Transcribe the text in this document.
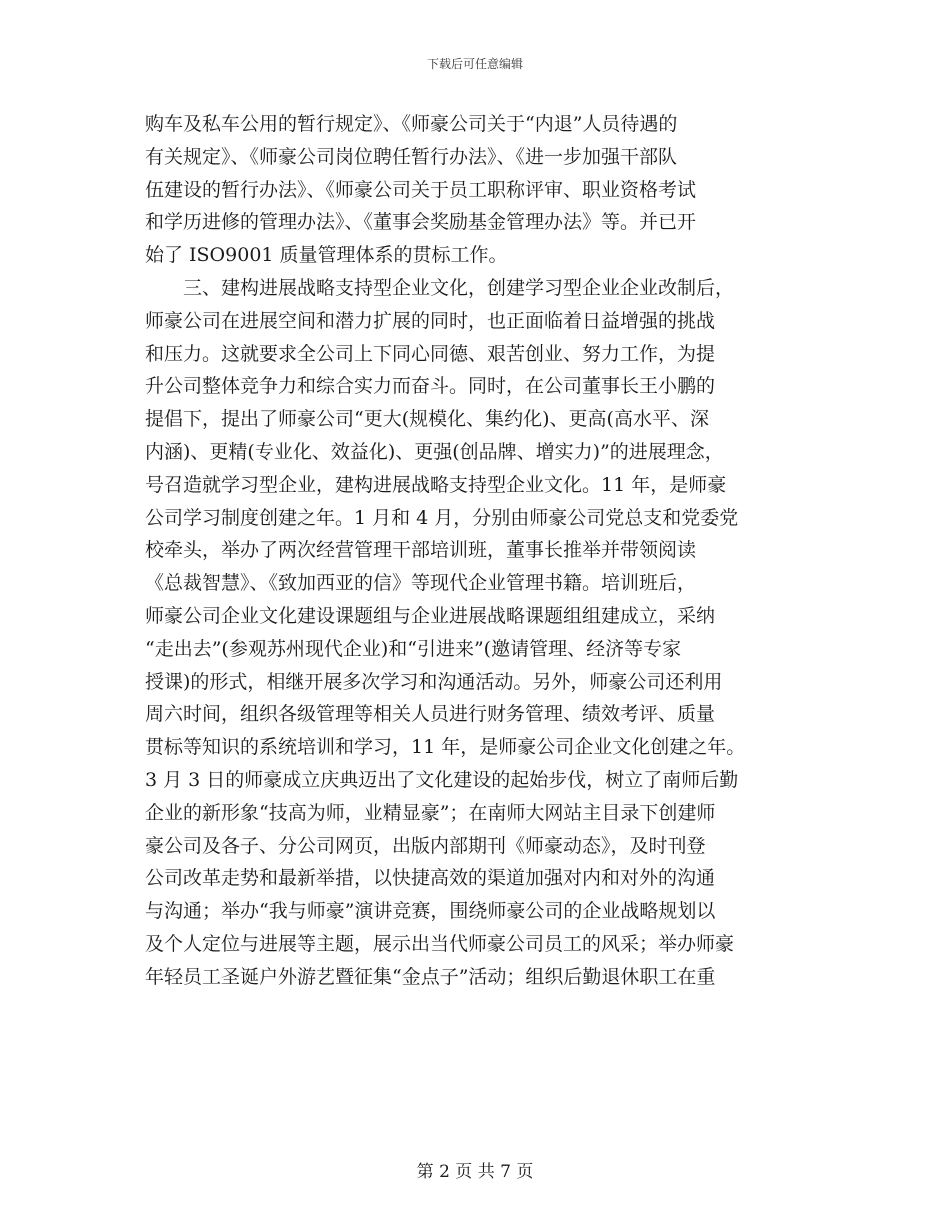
下载后可任意编辑
购车及私车公用的暂行规定》、《师豪公司关于“内退”人员待遇的
有关规定》、《师豪公司岗位聘任暂行办法》、《进一步加强干部队
伍建设的暂行办法》、《师豪公司关于员工职称评审、职业资格考试
和学历进修的管理办法》、《董事会奖励基金管理办法》等。并已开
始了 ISO9001 质量管理体系的贯标工作。
三、建构进展战略支持型企业文化，创建学习型企业企业改制后，
师豪公司在进展空间和潜力扩展的同时，也正面临着日益增强的挑战
和压力。这就要求全公司上下同心同德、艰苦创业、努力工作，为提
升公司整体竞争力和综合实力而奋斗。同时，在公司董事长王小鹏的
提倡下，提出了师豪公司“更大(规模化、集约化)、更高(高水平、深
内涵)、更精(专业化、效益化)、更强(创品牌、增实力)”的进展理念，
号召造就学习型企业，建构进展战略支持型企业文化。11 年，是师豪
公司学习制度创建之年。1 月和 4 月，分别由师豪公司党总支和党委党
校牵头，举办了两次经营管理干部培训班，董事长推举并带领阅读
《总裁智慧》、《致加西亚的信》等现代企业管理书籍。培训班后，
师豪公司企业文化建设课题组与企业进展战略课题组组建成立，采纳
“走出去”(参观苏州现代企业)和“引进来”(邀请管理、经济等专家
授课)的形式，相继开展多次学习和沟通活动。另外，师豪公司还利用
周六时间，组织各级管理等相关人员进行财务管理、绩效考评、质量
贯标等知识的系统培训和学习，11 年，是师豪公司企业文化创建之年。
3 月 3 日的师豪成立庆典迈出了文化建设的起始步伐，树立了南师后勤
企业的新形象“技高为师，业精显豪”；在南师大网站主目录下创建师
豪公司及各子、分公司网页，出版内部期刊《师豪动态》，及时刊登
公司改革走势和最新举措，以快捷高效的渠道加强对内和对外的沟通
与沟通；举办“我与师豪”演讲竞赛，围绕师豪公司的企业战略规划以
及个人定位与进展等主题，展示出当代师豪公司员工的风采；举办师豪
年轻员工圣诞户外游艺暨征集“金点子”活动；组织后勤退休职工在重
第 2 页 共 7 页
